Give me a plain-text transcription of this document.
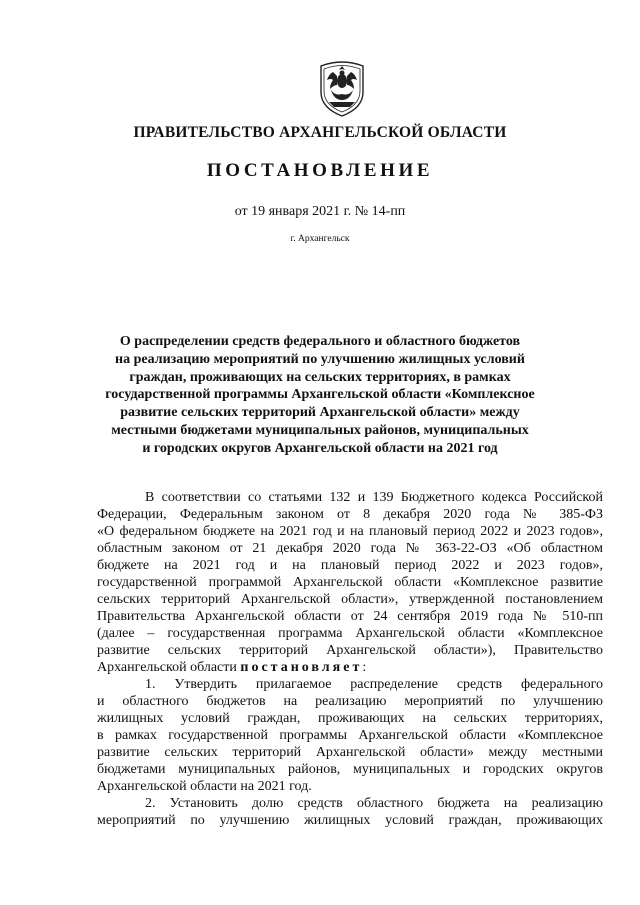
ПРАВИТЕЛЬСТВО АРХАНГЕЛЬСКОЙ ОБЛАСТИ
ПОСТАНОВЛЕНИЕ
от 19 января 2021 г. № 14-пп
г. Архангельск
О распределении средств федерального и областного бюджетов
на реализацию мероприятий по улучшению жилищных условий
граждан, проживающих на сельских территориях, в рамках
государственной программы Архангельской области «Комплексное
развитие сельских территорий Архангельской области» между
местными бюджетами муниципальных районов, муниципальных
и городских округов Архангельской области на 2021 год
В соответствии со статьями 132 и 139 Бюджетного кодекса Российской
Федерации, Федеральным законом от 8 декабря 2020 года № 385-ФЗ
«О федеральном бюджете на 2021 год и на плановый период 2022 и 2023 годов»,
областным законом от 21 декабря 2020 года № 363-22-ОЗ «Об областном
бюджете на 2021 год и на плановый период 2022 и 2023 годов»,
государственной программой Архангельской области «Комплексное развитие
сельских территорий Архангельской области», утвержденной постановлением
Правительства Архангельской области от 24 сентября 2019 года № 510-пп
(далее – государственная программа Архангельской области «Комплексное
развитие сельских территорий Архангельской области»), Правительство
Архангельской области постановляет:
1. Утвердить прилагаемое распределение средств федерального
и областного бюджетов на реализацию мероприятий по улучшению
жилищных условий граждан, проживающих на сельских территориях,
в рамках государственной программы Архангельской области «Комплексное
развитие сельских территорий Архангельской области» между местными
бюджетами муниципальных районов, муниципальных и городских округов
Архангельской области на 2021 год.
2. Установить долю средств областного бюджета на реализацию
мероприятий по улучшению жилищных условий граждан, проживающих
